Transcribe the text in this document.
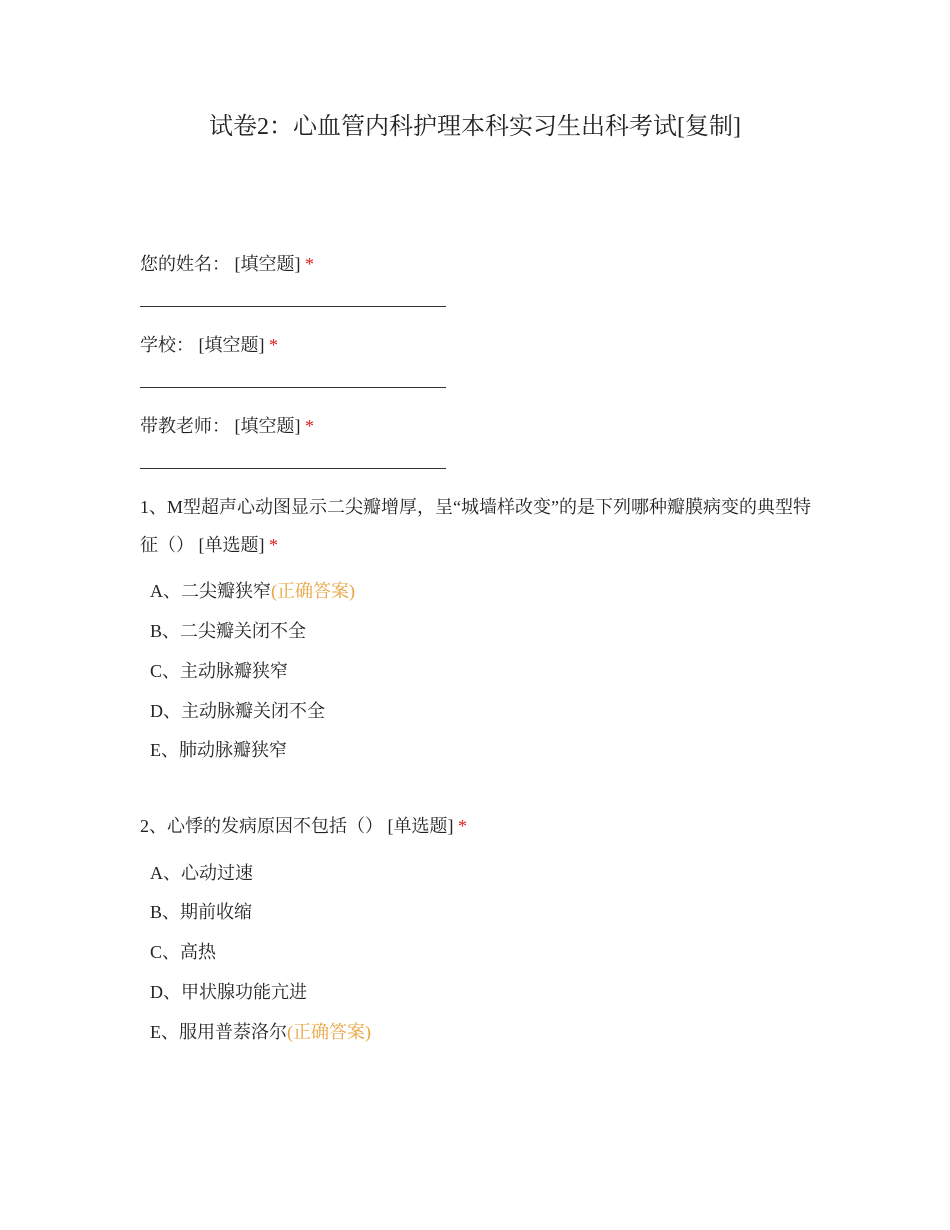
试卷2：心血管内科护理本科实习生出科考试[复制]
您的姓名： [填空题] *
学校： [填空题] *
带教老师： [填空题] *
1、M型超声心动图显示二尖瓣增厚，呈“城墙样改变”的是下列哪种瓣膜病变的典型特征（） [单选题] *
A、二尖瓣狭窄(正确答案)
B、二尖瓣关闭不全
C、主动脉瓣狭窄
D、主动脉瓣关闭不全
E、肺动脉瓣狭窄
2、心悸的发病原因不包括（） [单选题] *
A、心动过速
B、期前收缩
C、高热
D、甲状腺功能亢进
E、服用普萘洛尔(正确答案)
